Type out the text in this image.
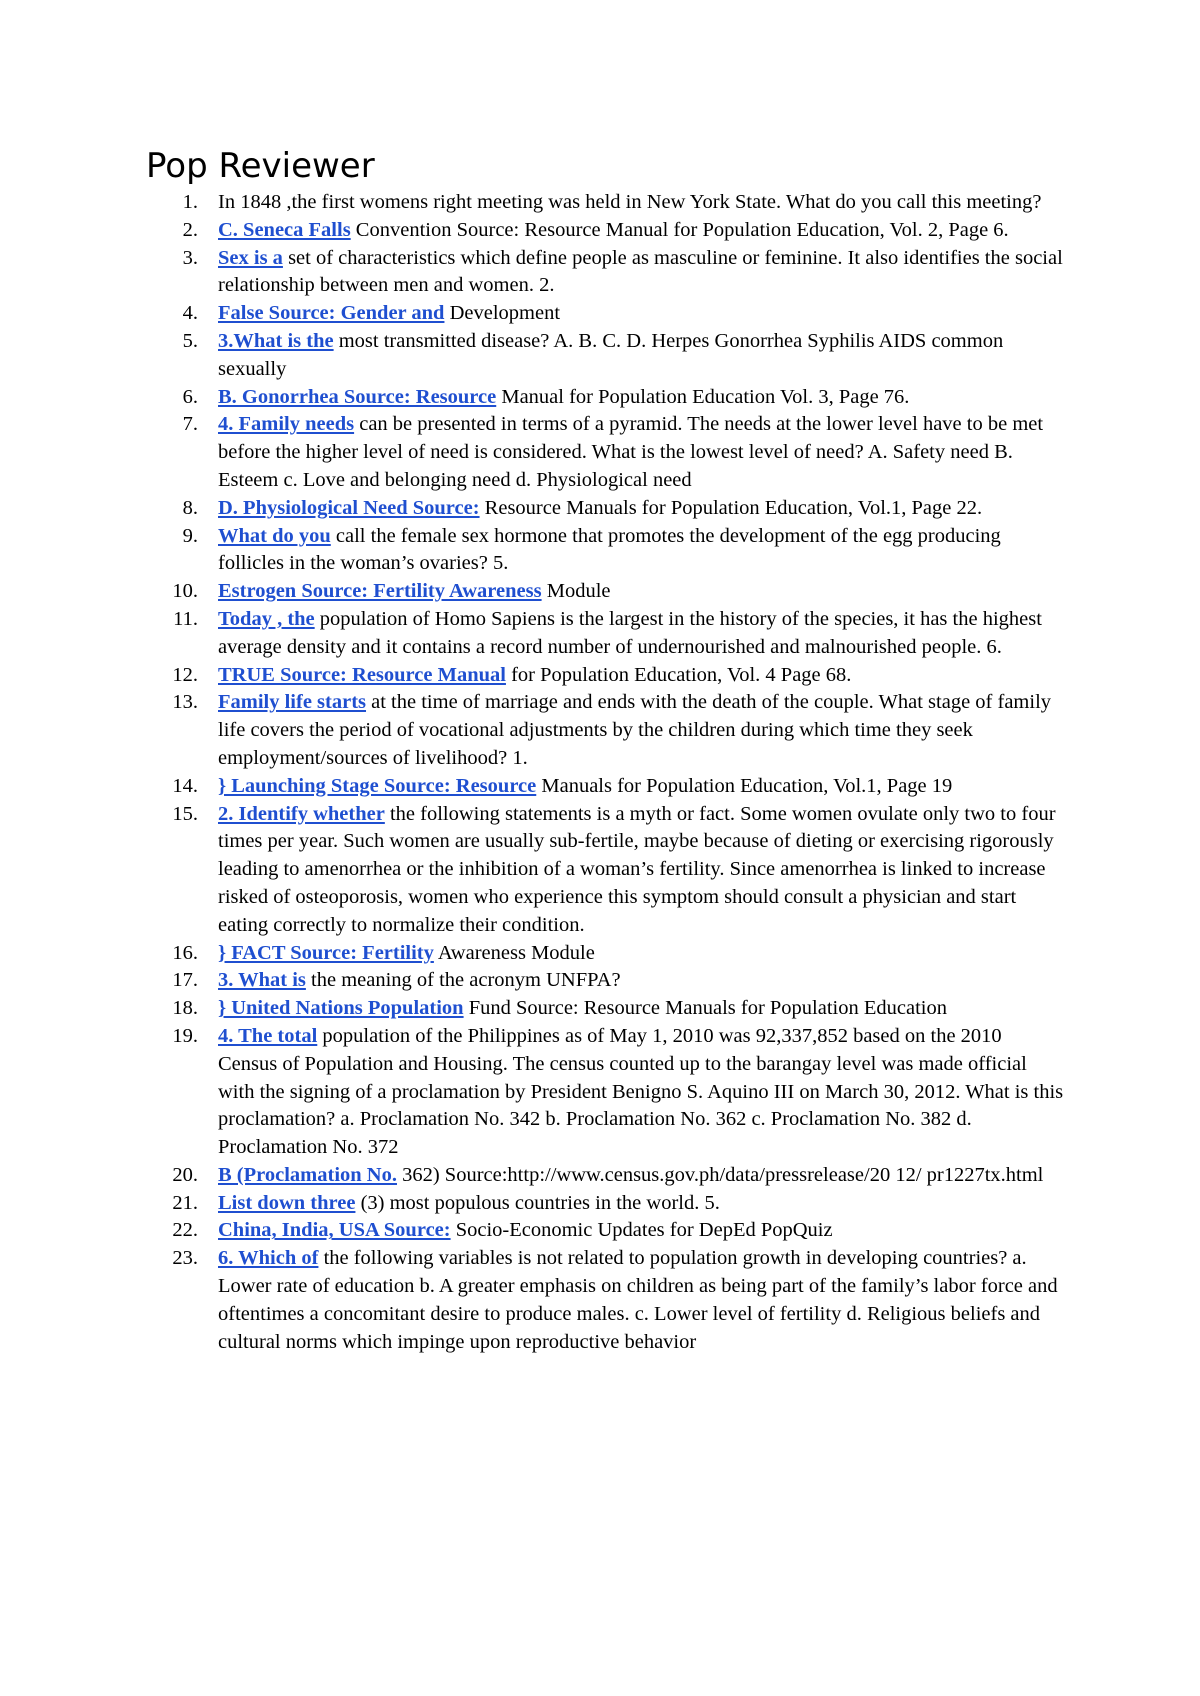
Pop Reviewer
1. In 1848 ,the first womens right meeting was held in New York State. What do you call this meeting?
2. C. Seneca Falls Convention Source: Resource Manual for Population Education, Vol. 2, Page 6.
3. Sex is a set of characteristics which define people as masculine or feminine. It also identifies the social relationship between men and women. 2.
4. False Source: Gender and Development
5. 3.What is the most transmitted disease? A. B. C. D. Herpes Gonorrhea Syphilis AIDS common sexually
6. B. Gonorrhea Source: Resource Manual for Population Education Vol. 3, Page 76.
7. 4. Family needs can be presented in terms of a pyramid. The needs at the lower level have to be met before the higher level of need is considered. What is the lowest level of need? A. Safety need B. Esteem c. Love and belonging need d. Physiological need
8. D. Physiological Need Source: Resource Manuals for Population Education, Vol.1, Page 22.
9. What do you call the female sex hormone that promotes the development of the egg producing follicles in the woman’s ovaries? 5.
10. Estrogen Source: Fertility Awareness Module
11. Today , the population of Homo Sapiens is the largest in the history of the species, it has the highest average density and it contains a record number of undernourished and malnourished people. 6.
12. TRUE Source: Resource Manual for Population Education, Vol. 4 Page 68.
13. Family life starts at the time of marriage and ends with the death of the couple. What stage of family life covers the period of vocational adjustments by the children during which time they seek employment/sources of livelihood? 1.
14. } Launching Stage Source: Resource Manuals for Population Education, Vol.1, Page 19
15. 2. Identify whether the following statements is a myth or fact. Some women ovulate only two to four times per year. Such women are usually sub-fertile, maybe because of dieting or exercising rigorously leading to amenorrhea or the inhibition of a woman’s fertility. Since amenorrhea is linked to increase risked of osteoporosis, women who experience this symptom should consult a physician and start eating correctly to normalize their condition.
16. } FACT Source: Fertility Awareness Module
17. 3. What is the meaning of the acronym UNFPA?
18. } United Nations Population Fund Source: Resource Manuals for Population Education
19. 4. The total population of the Philippines as of May 1, 2010 was 92,337,852 based on the 2010 Census of Population and Housing. The census counted up to the barangay level was made official with the signing of a proclamation by President Benigno S. Aquino III on March 30, 2012. What is this proclamation? a. Proclamation No. 342 b. Proclamation No. 362 c. Proclamation No. 382 d. Proclamation No. 372
20. B (Proclamation No. 362) Source:http://www.census.gov.ph/data/pressrelease/20 12/ pr1227tx.html
21. List down three (3) most populous countries in the world. 5.
22. China, India, USA Source: Socio-Economic Updates for DepEd PopQuiz
23. 6. Which of the following variables is not related to population growth in developing countries? a. Lower rate of education b. A greater emphasis on children as being part of the family’s labor force and oftentimes a concomitant desire to produce males. c. Lower level of fertility d. Religious beliefs and cultural norms which impinge upon reproductive behavior
